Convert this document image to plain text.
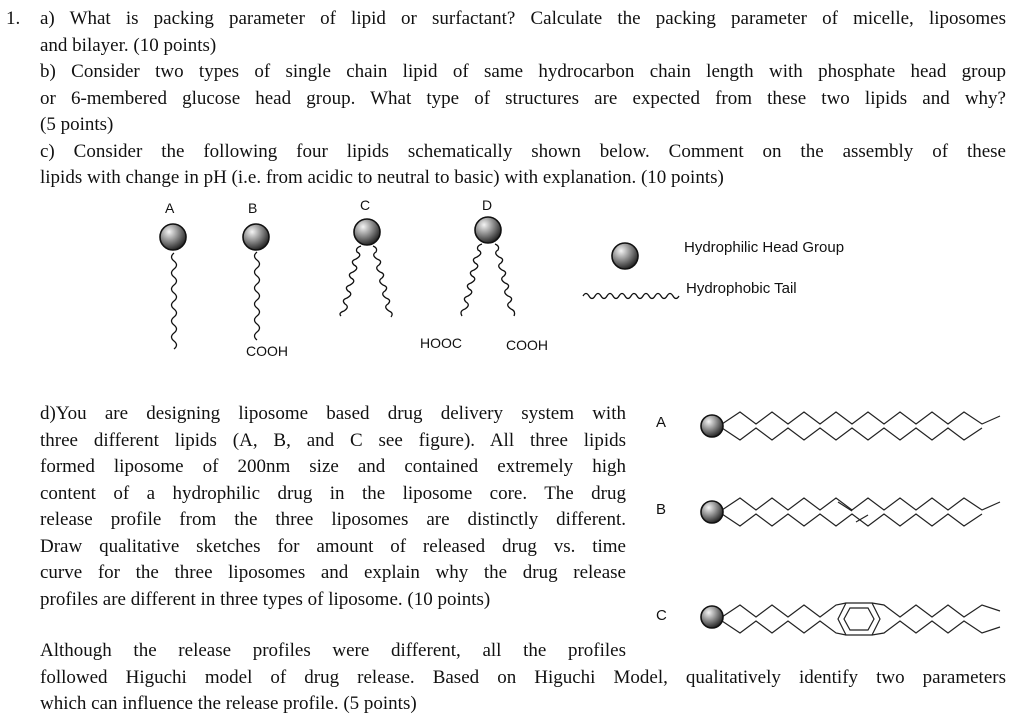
1. a) What is packing parameter of lipid or surfactant? Calculate the packing parameter of micelle, liposomes
and bilayer. (10 points)
b) Consider two types of single chain lipid of same hydrocarbon chain length with phosphate head group
or 6-membered glucose head group. What type of structures are expected from these two lipids and why?
(5 points)
c) Consider the following four lipids schematically shown below. Comment on the assembly of these
lipids with change in pH (i.e. from acidic to neutral to basic) with explanation. (10 points)
A	B	C	D
COOH	HOOC	COOH
Hydrophilic Head Group
Hydrophobic Tail

d)You are designing liposome based drug delivery system with

three different lipids (A, B, and C see figure). All three lipids

formed liposome of 200nm size and contained extremely high

content of a hydrophilic drug in the liposome core. The drug

release profile from the three liposomes are distinctly different.

Draw qualitative sketches for amount of released drug vs. time

curve for the three liposomes and explain why the drug release

profiles are different in three types of liposome. (10 points)

A
B
C
Although the release profiles were different, all the profiles
followed Higuchi model of drug release. Based on Higuchi Model, qualitatively identify two parameters
which can influence the release profile. (5 points)
